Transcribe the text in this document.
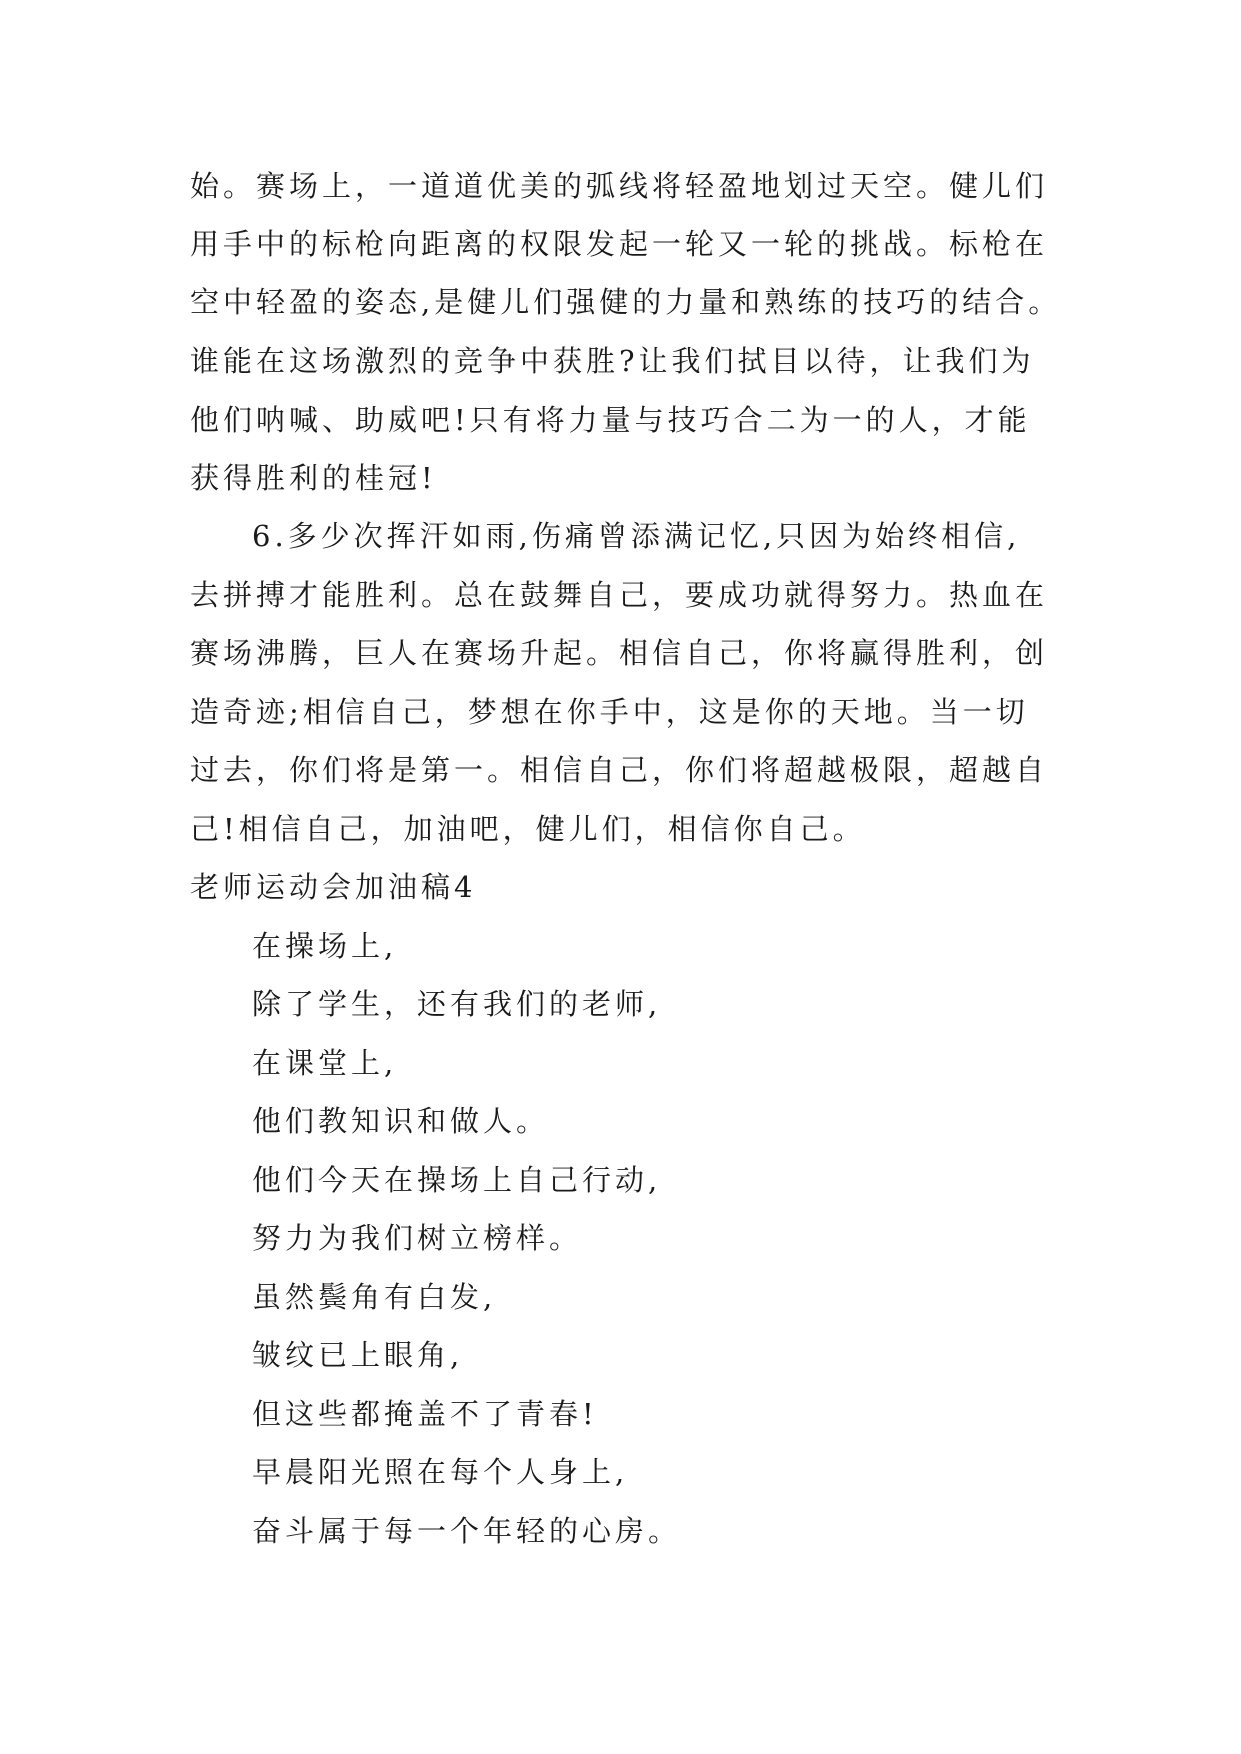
始。赛场上，一道道优美的弧线将轻盈地划过天空。健儿们
用手中的标枪向距离的权限发起一轮又一轮的挑战。标枪在
空中轻盈的姿态,是健儿们强健的力量和熟练的技巧的结合。
谁能在这场激烈的竞争中获胜?让我们拭目以待，让我们为
他们呐喊、助威吧!只有将力量与技巧合二为一的人，才能
获得胜利的桂冠!
6.多少次挥汗如雨,伤痛曾添满记忆,只因为始终相信,
去拼搏才能胜利。总在鼓舞自己，要成功就得努力。热血在
赛场沸腾，巨人在赛场升起。相信自己，你将赢得胜利，创
造奇迹;相信自己，梦想在你手中，这是你的天地。当一切
过去，你们将是第一。相信自己，你们将超越极限，超越自
己!相信自己，加油吧，健儿们，相信你自己。
老师运动会加油稿4
在操场上,
除了学生，还有我们的老师,
在课堂上,
他们教知识和做人。
他们今天在操场上自己行动,
努力为我们树立榜样。
虽然鬓角有白发,
皱纹已上眼角,
但这些都掩盖不了青春!
早晨阳光照在每个人身上,
奋斗属于每一个年轻的心房。
